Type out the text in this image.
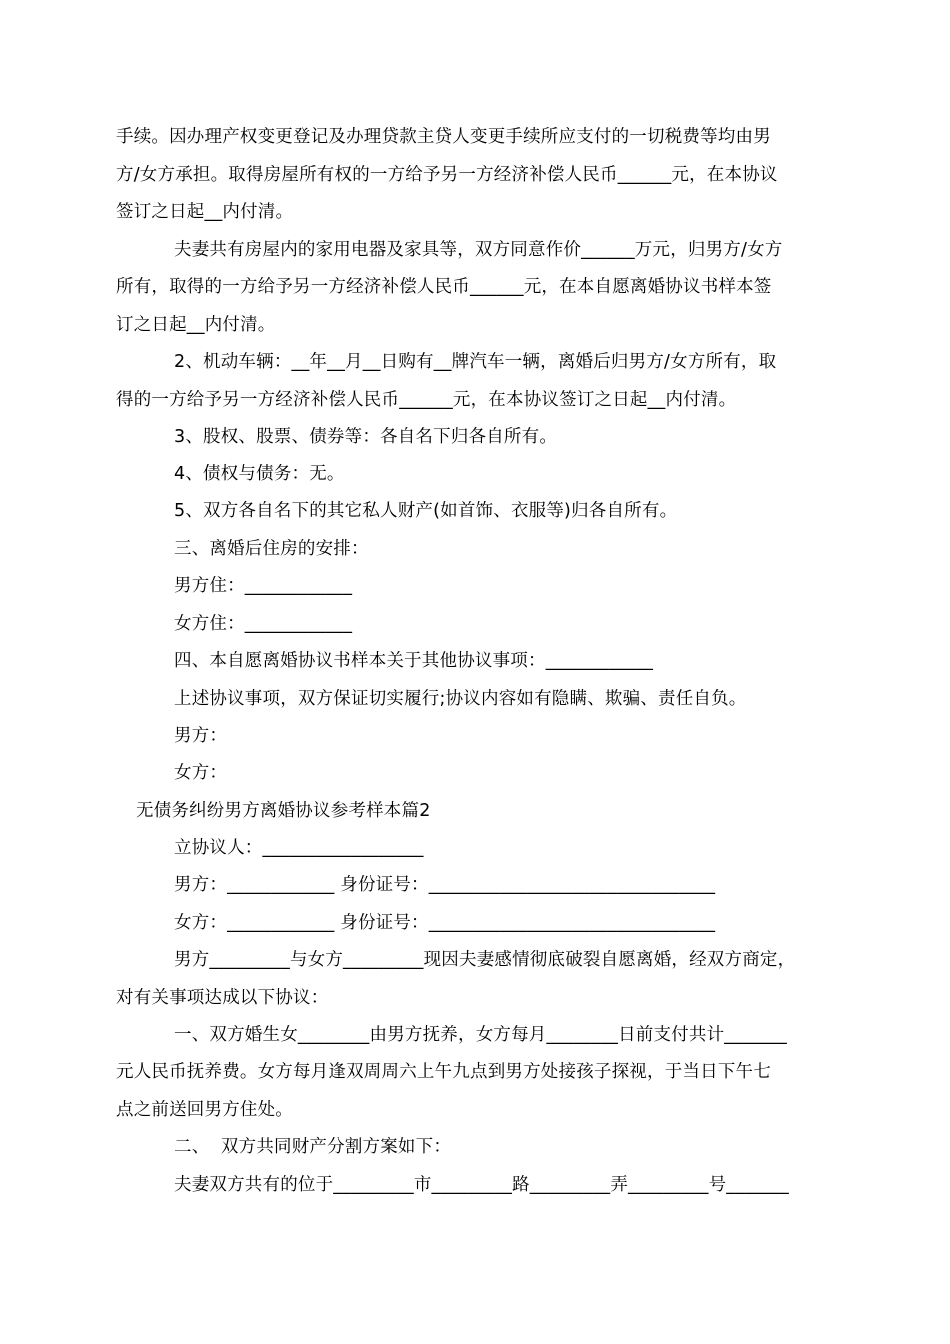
手续。因办理产权变更登记及办理贷款主贷人变更手续所应支付的一切税费等均由男
方/女方承担。取得房屋所有权的一方给予另一方经济补偿人民币______元，在本协议
签订之日起__内付清。
夫妻共有房屋内的家用电器及家具等，双方同意作价______万元，归男方/女方
所有，取得的一方给予另一方经济补偿人民币______元，在本自愿离婚协议书样本签
订之日起__内付清。
2、机动车辆：__年__月__日购有__牌汽车一辆，离婚后归男方/女方所有，取
得的一方给予另一方经济补偿人民币______元，在本协议签订之日起__内付清。
3、股权、股票、债券等：各自名下归各自所有。
4、债权与债务：无。
5、双方各自名下的其它私人财产(如首饰、衣服等)归各自所有。
三、离婚后住房的安排：
男方住：____________
女方住：____________
四、本自愿离婚协议书样本关于其他协议事项：____________
上述协议事项，双方保证切实履行;协议内容如有隐瞒、欺骗、责任自负。
男方：
女方：
无债务纠纷男方离婚协议参考样本篇2
立协议人：__________________
男方：____________ 身份证号：________________________________
女方：____________ 身份证号：________________________________
男方_________与女方_________现因夫妻感情彻底破裂自愿离婚，经双方商定，
对有关事项达成以下协议：
一、双方婚生女________由男方抚养，女方每月________日前支付共计_______
元人民币抚养费。女方每月逢双周周六上午九点到男方处接孩子探视，于当日下午七
点之前送回男方住处。
二、  双方共同财产分割方案如下：
夫妻双方共有的位于_________市_________路_________弄_________号_______
